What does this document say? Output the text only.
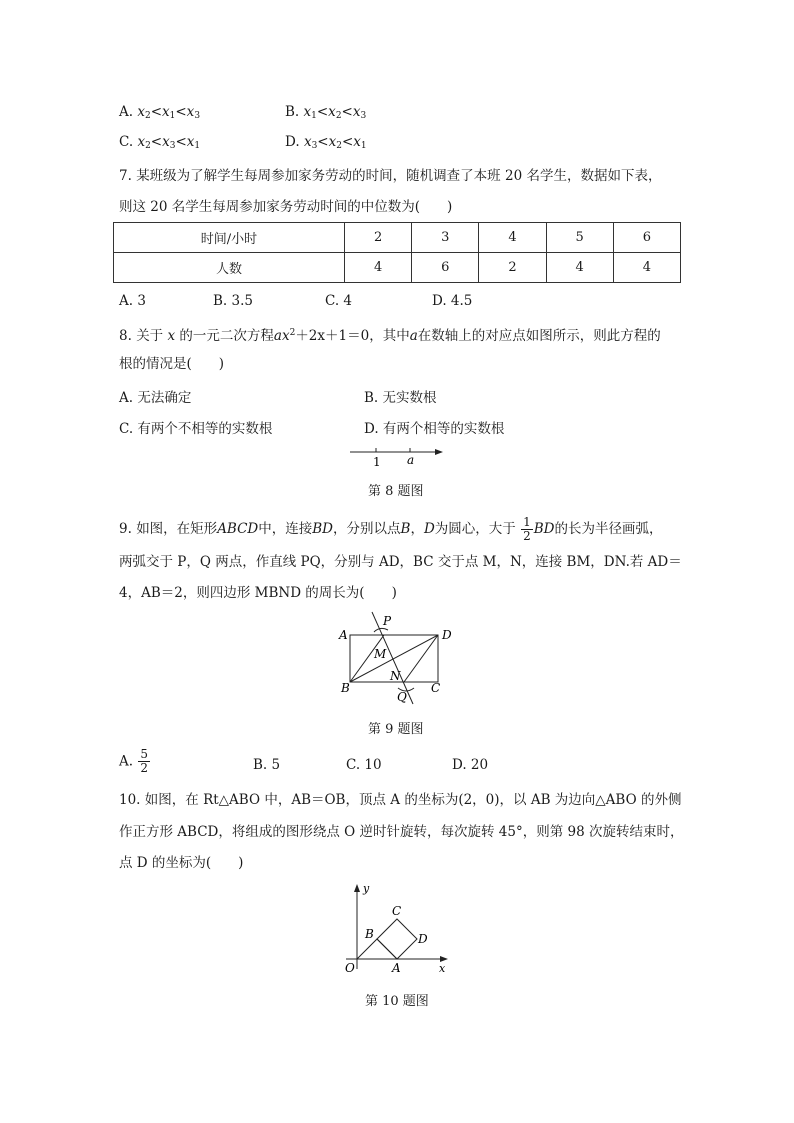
A. $x_2<x_1<x_3$	B. $x_1<x_2<x_3$
C. $x_2<x_3<x_1$	D. $x_3<x_2<x_1$
7. 某班级为了解学生每周参加家务劳动的时间，随机调查了本班 20 名学生，数据如下表，
则这 20 名学生每周参加家务劳动时间的中位数为(　　)
时间/小时	2	3	4	5	6
人数	4	6	2	4	4
A. 3	B. 3.5	C. 4	D. 4.5
8. 关于 x 的一元二次方程$ax^2+2x+1=0$，其中a在数轴上的对应点如图所示，则此方程的
根的情况是(　　)
A. 无法确定	B. 无实数根
C. 有两个不相等的实数根	D. 有两个相等的实数根
1 a
第 8 题图
9. 如图，在矩形ABCD中，连接BD，分别以点B，D为圆心，大于 $\frac{1}{2}$ BD的长为半径画弧，
两弧交于 P，Q 两点，作直线 PQ，分别与 AD，BC 交于点 M，N，连接 BM，DN.若 AD＝
4，AB＝2，则四边形 MBND 的周长为(　　)
A	D
B	C
P
Q
M
N
第 9 题图
A. $\frac{5}{2}$	B. 5	C. 10	D. 20
10. 如图，在 Rt△ABO 中，AB＝OB，顶点 A 的坐标为(2，0)，以 AB 为边向△ABO 的外侧
作正方形 ABCD，将组成的图形绕点 O 逆时针旋转，每次旋转 45°，则第 98 次旋转结束时，
点 D 的坐标为(　　)
y
x
O	A
B
C
D
第 10 题图
